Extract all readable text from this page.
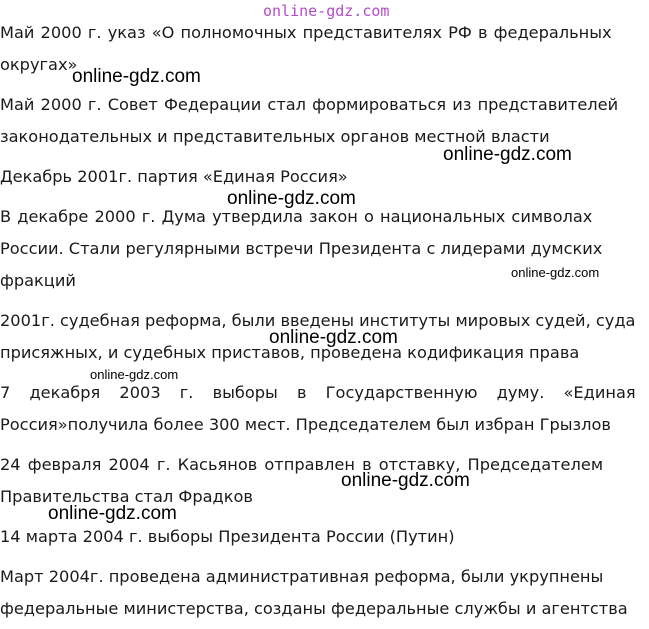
Май 2000 г. указ «О полномочных представителях РФ в федеральных
округах»
Май 2000 г. Совет Федерации стал формироваться из представителей
законодательных и представительных органов местной власти
Декабрь 2001г. партия «Единая Россия»
В декабре 2000 г. Дума утвердила закон о национальных символах
России. Стали регулярными встречи Президента с лидерами думских
фракций
2001г. судебная реформа, были введены институты мировых судей, суда
присяжных, и судебных приставов, проведена кодификация права
7 декабря 2003 г. выборы в Государственную думу. «Единая
Россия»получила более 300 мест. Председателем был избран Грызлов
24 февраля 2004 г. Касьянов отправлен в отставку, Председателем
Правительства стал Фрадков
14 марта 2004 г. выборы Президента России (Путин)
Март 2004г. проведена административная реформа, были укрупнены
федеральные министерства, созданы федеральные службы и агентства
online-gdz.com
online-gdz.com
online-gdz.com
online-gdz.com
online-gdz.com
online-gdz.com
online-gdz.com
online-gdz.com
online-gdz.com
